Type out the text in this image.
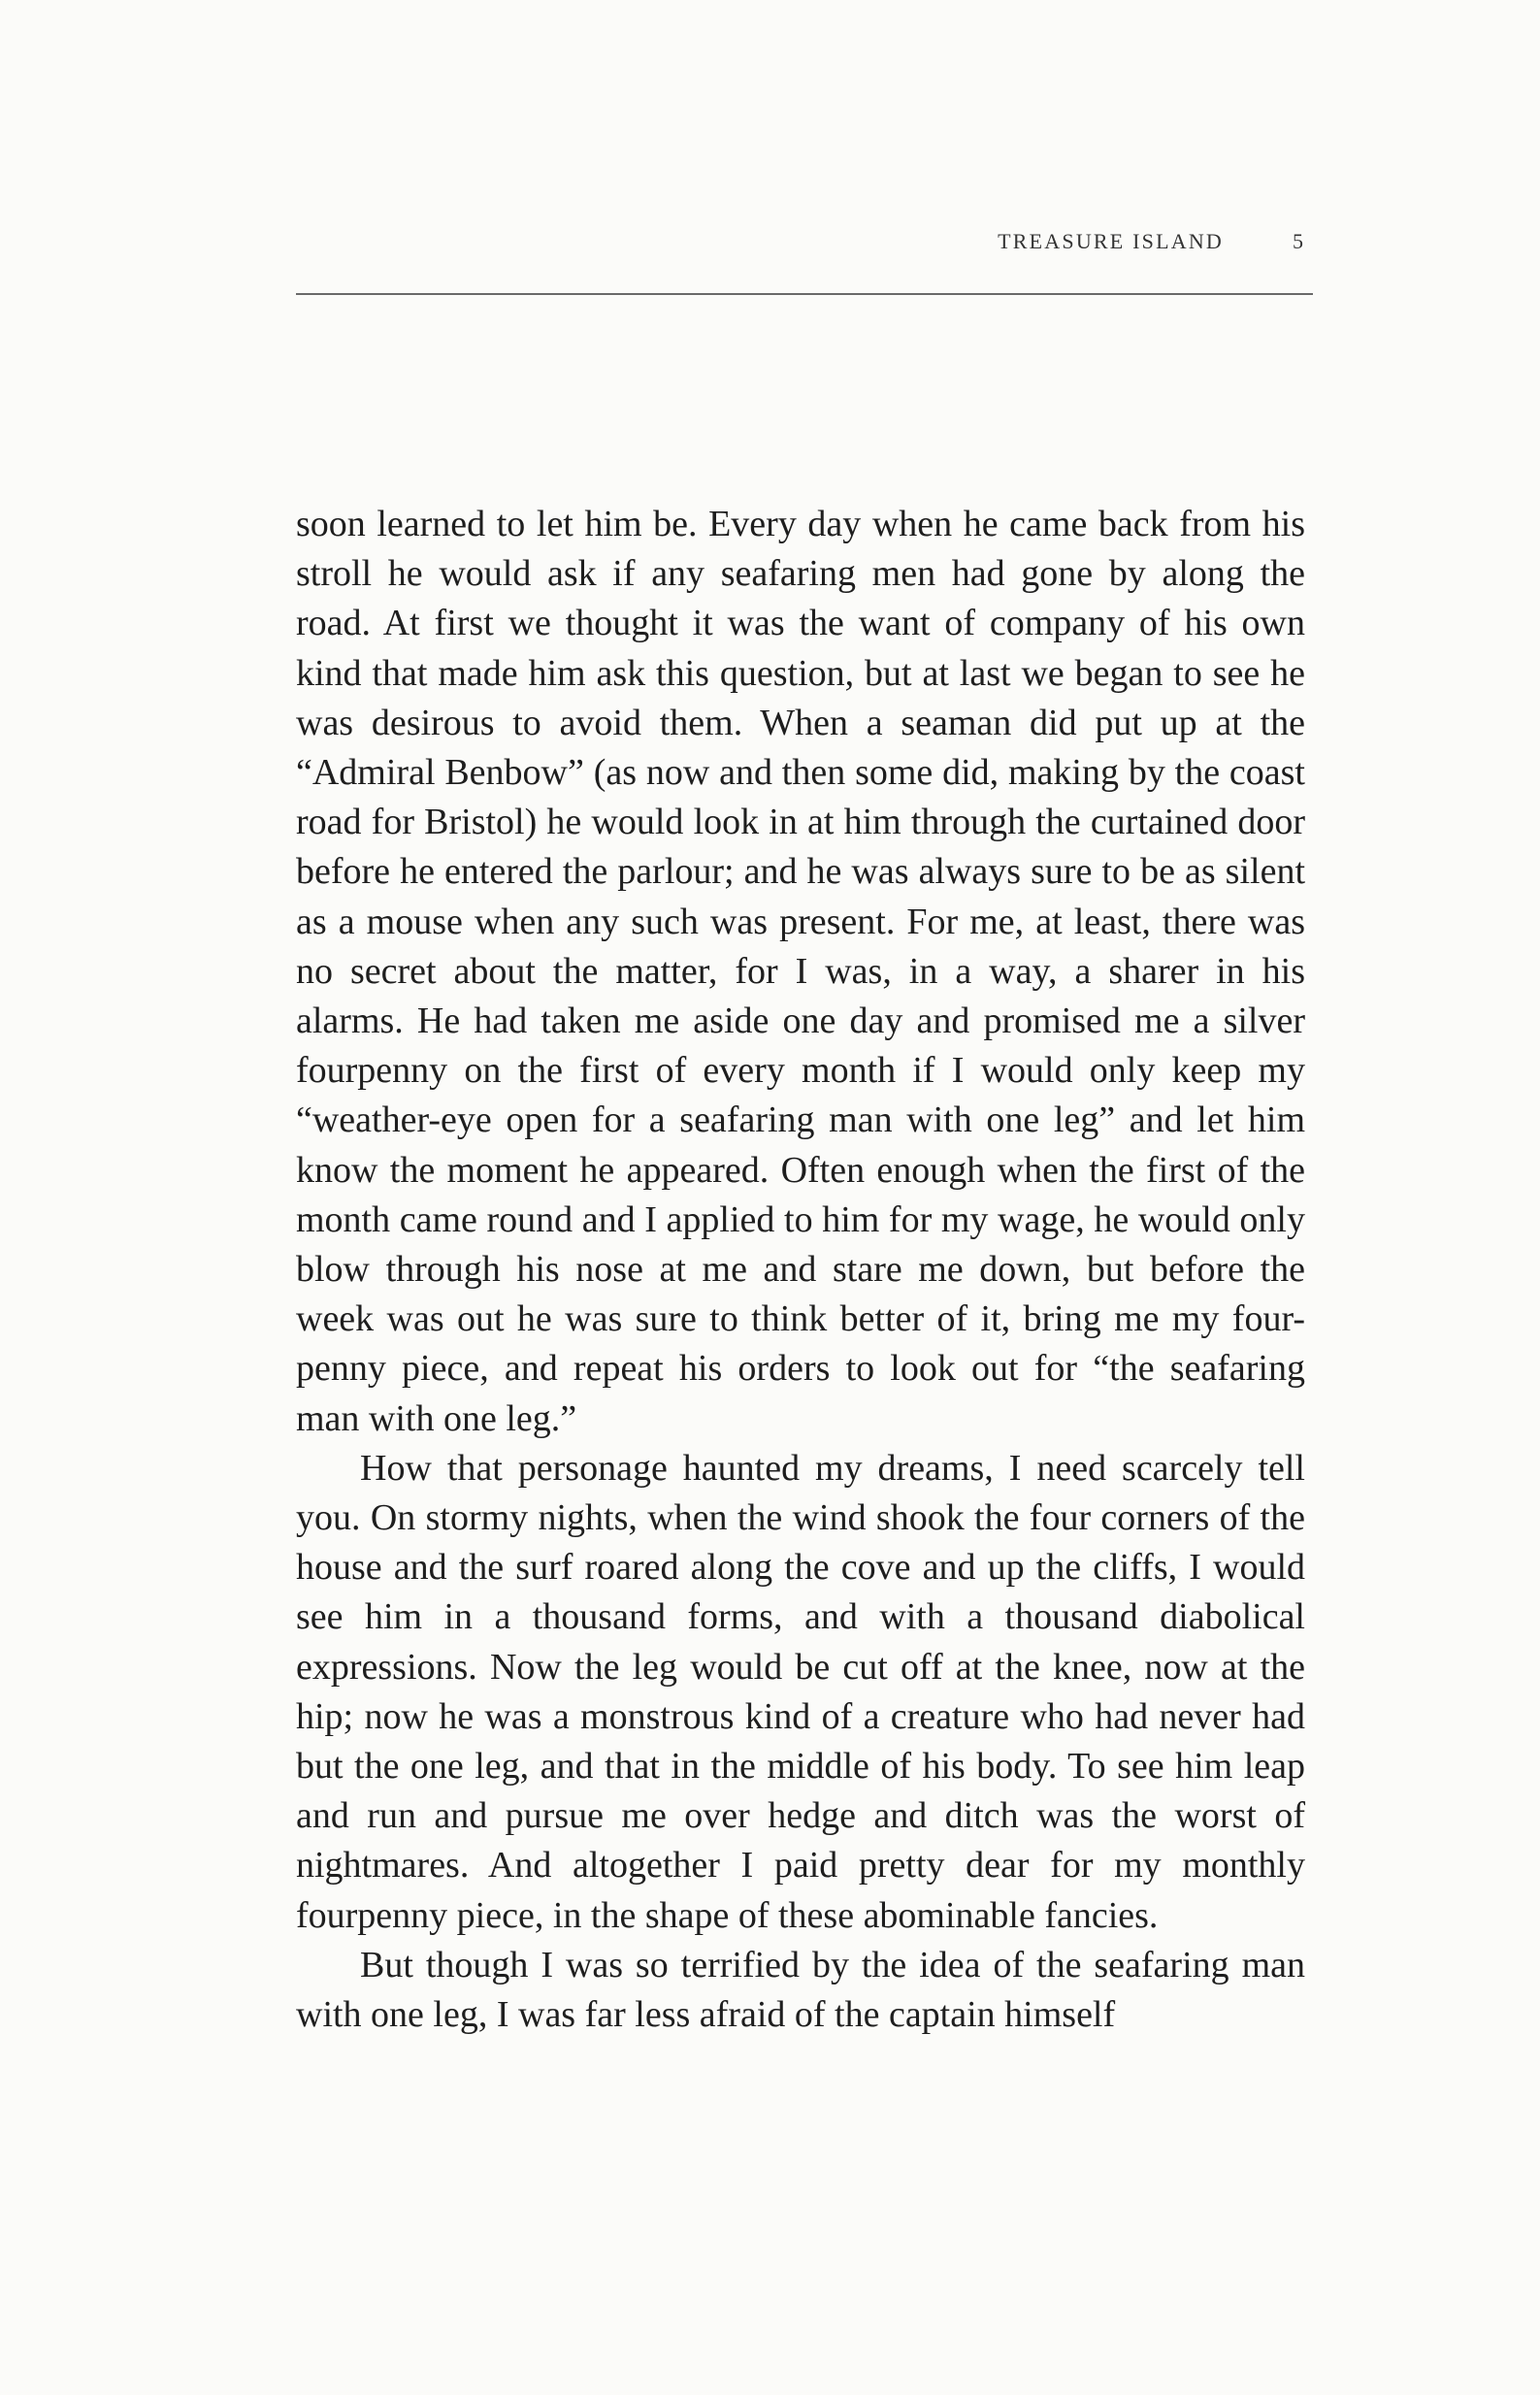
TREASURE ISLAND	5

soon learned to let him be. Every day when he came back from his stroll he would ask if any seafaring men had gone by along the road. At first we thought it was the want of company of his own kind that made him ask this question, but at last we began to see he was desirous to avoid them. When a seaman did put up at the “Admiral Benbow” (as now and then some did, making by the coast road for Bristol) he would look in at him through the curtained door before he entered the parlour; and he was always sure to be as silent as a mouse when any such was present. For me, at least, there was no secret about the matter, for I was, in a way, a sharer in his alarms. He had taken me aside one day and promised me a silver fourpenny on the first of every month if I would only keep my “weather-eye open for a seafaring man with one leg” and let him know the moment he appeared. Often enough when the first of the month came round and I applied to him for my wage, he would only blow through his nose at me and stare me down, but before the week was out he was sure to think better of it, bring me my four-penny piece, and repeat his orders to look out for “the seafaring man with one leg.”

How that personage haunted my dreams, I need scarcely tell you. On stormy nights, when the wind shook the four corners of the house and the surf roared along the cove and up the cliffs, I would see him in a thousand forms, and with a thousand diabolical expressions. Now the leg would be cut off at the knee, now at the hip; now he was a monstrous kind of a creature who had never had but the one leg, and that in the middle of his body. To see him leap and run and pursue me over hedge and ditch was the worst of nightmares. And altogether I paid pretty dear for my monthly fourpenny piece, in the shape of these abominable fancies.

But though I was so terrified by the idea of the seafaring man with one leg, I was far less afraid of the captain himself
